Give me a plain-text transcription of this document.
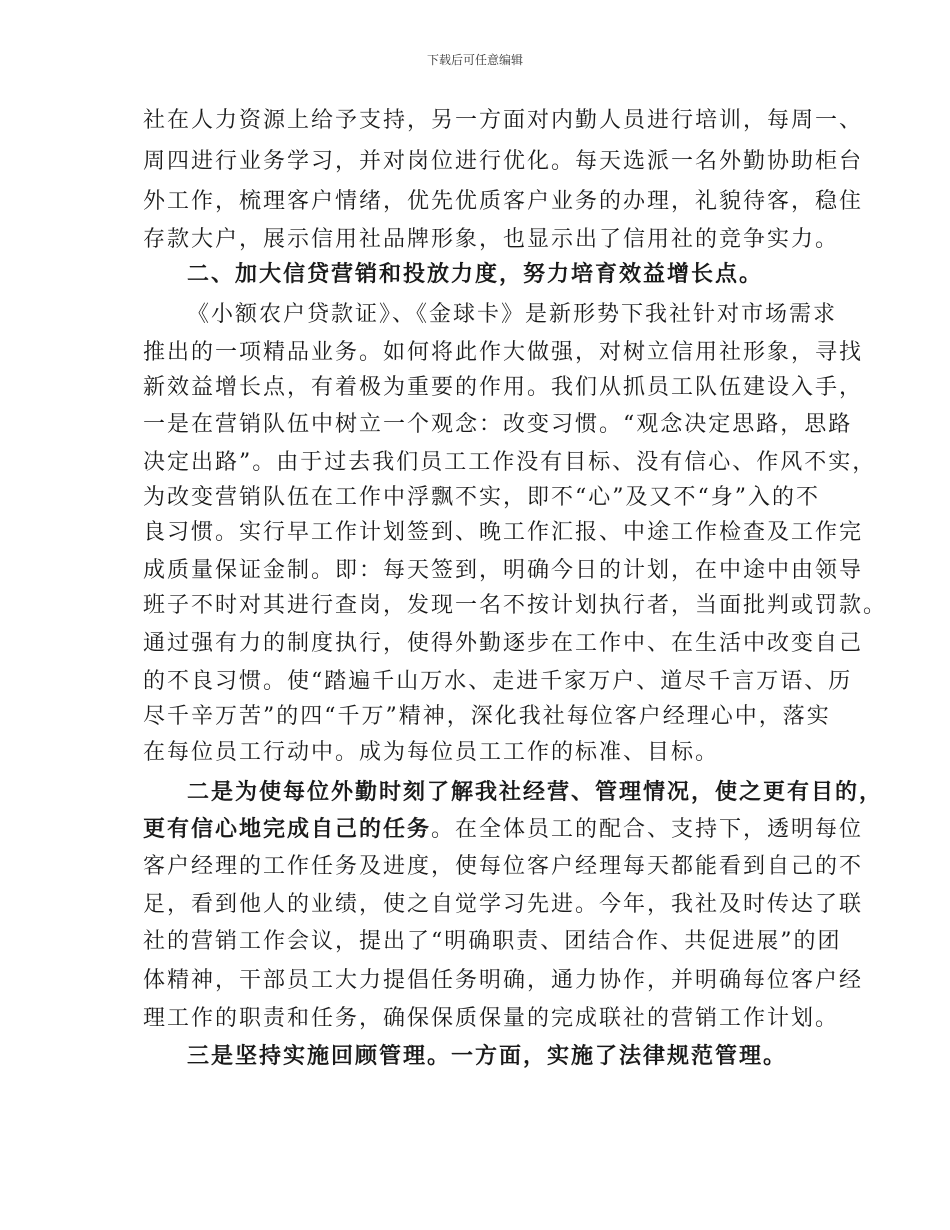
下载后可任意编辑
社在人力资源上给予支持，另一方面对内勤人员进行培训，每周一、
周四进行业务学习，并对岗位进行优化。每天选派一名外勤协助柜台
外工作，梳理客户情绪，优先优质客户业务的办理，礼貌待客，稳住
存款大户，展示信用社品牌形象，也显示出了信用社的竞争实力。
二、加大信贷营销和投放力度，努力培育效益增长点。
《小额农户贷款证》、《金球卡》是新形势下我社针对市场需求
推出的一项精品业务。如何将此作大做强，对树立信用社形象，寻找
新效益增长点，有着极为重要的作用。我们从抓员工队伍建设入手，
一是在营销队伍中树立一个观念：改变习惯。“观念决定思路，思路
决定出路”。由于过去我们员工工作没有目标、没有信心、作风不实，
为改变营销队伍在工作中浮飘不实，即不“心”及又不“身”入的不
良习惯。实行早工作计划签到、晚工作汇报、中途工作检查及工作完
成质量保证金制。即：每天签到，明确今日的计划，在中途中由领导
班子不时对其进行查岗，发现一名不按计划执行者，当面批判或罚款。
通过强有力的制度执行，使得外勤逐步在工作中、在生活中改变自己
的不良习惯。使“踏遍千山万水、走进千家万户、道尽千言万语、历
尽千辛万苦”的四“千万”精神，深化我社每位客户经理心中，落实
在每位员工行动中。成为每位员工工作的标准、目标。
二是为使每位外勤时刻了解我社经营、管理情况，使之更有目的，
更有信心地完成自己的任务。在全体员工的配合、支持下，透明每位
客户经理的工作任务及进度，使每位客户经理每天都能看到自己的不
足，看到他人的业绩，使之自觉学习先进。今年，我社及时传达了联
社的营销工作会议，提出了“明确职责、团结合作、共促进展”的团
体精神，干部员工大力提倡任务明确，通力协作，并明确每位客户经
理工作的职责和任务，确保保质保量的完成联社的营销工作计划。
三是坚持实施回顾管理。一方面，实施了法律规范管理。
